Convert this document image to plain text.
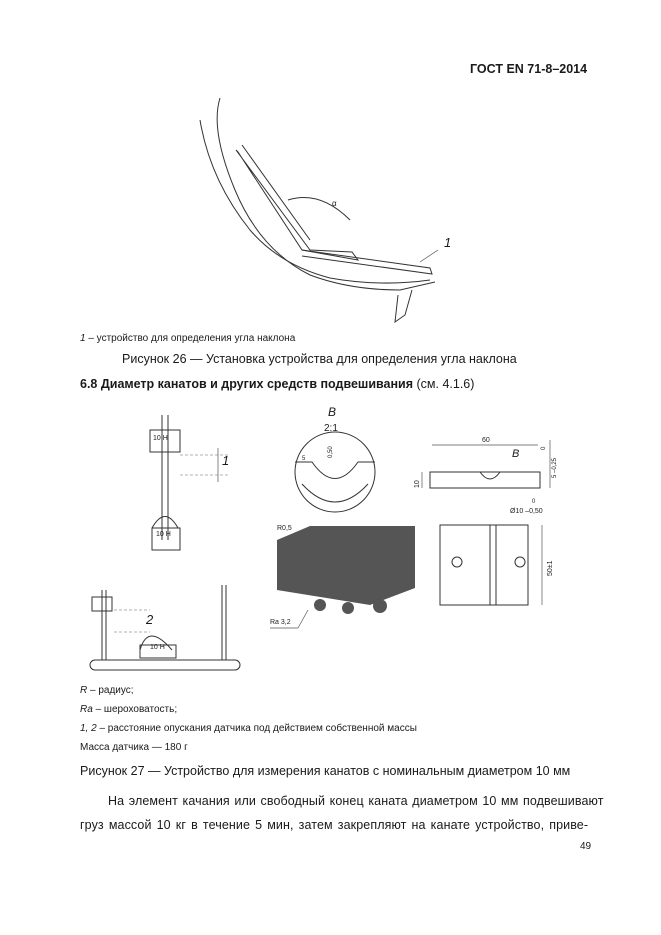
ГОСТ EN 71-8–2014
α
1
1 – устройство для определения угла наклона
Рисунок 26 — Установка устройства для определения угла наклона
6.8 Диаметр канатов и других средств подвешивания (см. 4.1.6)
10 H
10 H
10 H
0,50
5
60
10
5 –0,25
0
Ø10 –0,50
0
50±1
Ra 3,2
R0,5
1
2
B
2:1
B
R – радиус;
Ra – шероховатость;
1, 2 – расстояние опускания датчика под действием собственной массы
Масса датчика — 180 г
Рисунок 27 — Устройство для измерения канатов с номинальным диаметром 10 мм
На элемент качания или свободный конец каната диаметром 10 мм подвешивают
груз массой 10 кг в течение 5 мин, затем закрепляют на канате устройство, приве-
49
